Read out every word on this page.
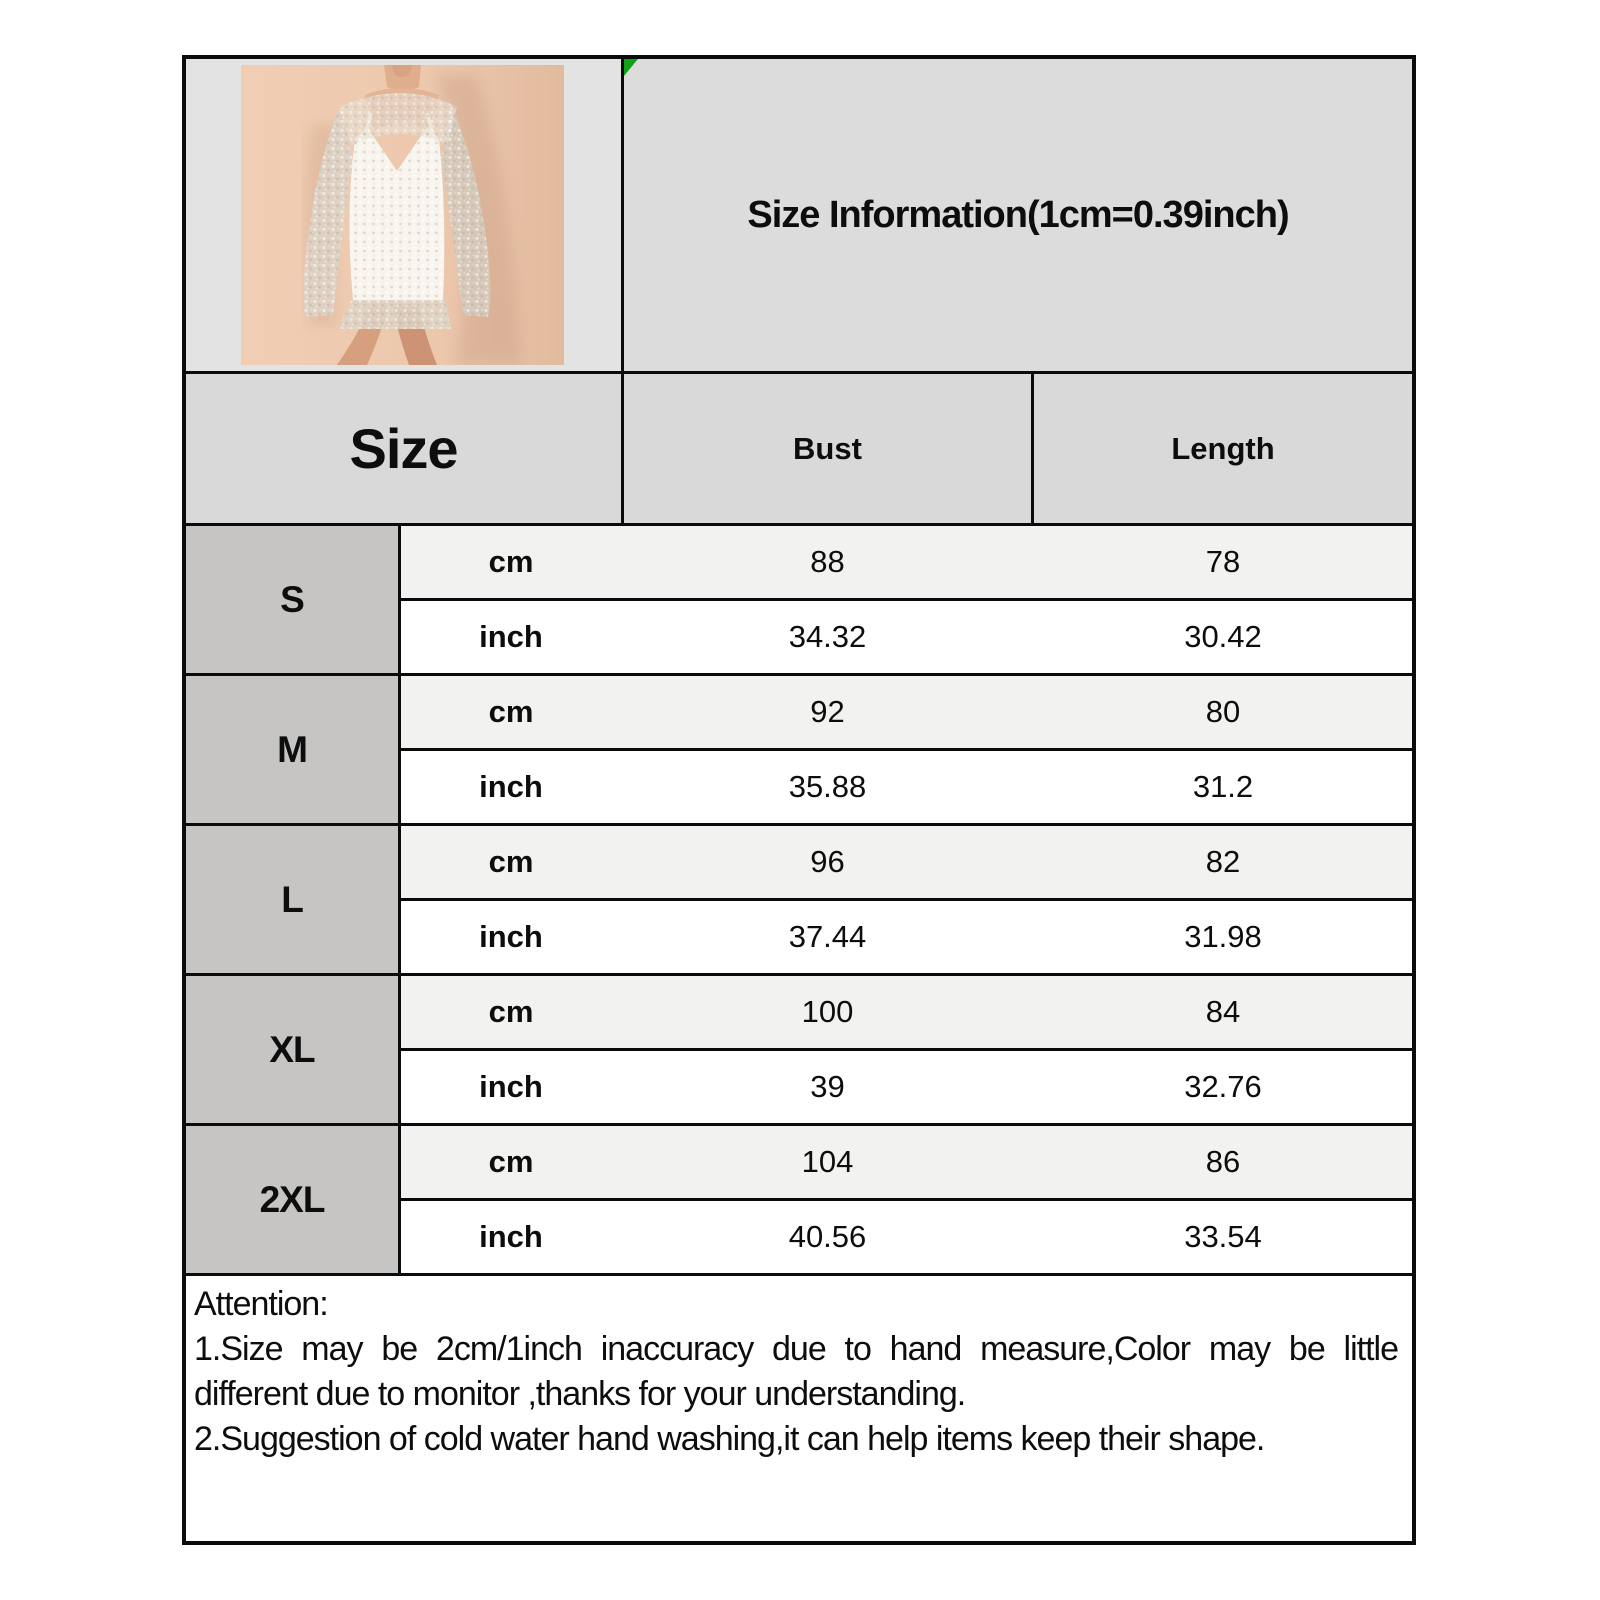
Size Information(1cm=0.39inch)
Size	Bust	Length
S
cm	88	78
inch	34.32	30.42
M
cm	92	80
inch	35.88	31.2
L
cm	96	82
inch	37.44	31.98
XL
cm	100	84
inch	39	32.76
2XL
cm	104	86
inch	40.56	33.54
Attention:

1.Size may be 2cm/1inch inaccuracy due to hand measure,Color may be little different due to monitor ,thanks for your understanding.

2.Suggestion of cold water hand washing,it can help items keep their shape.
